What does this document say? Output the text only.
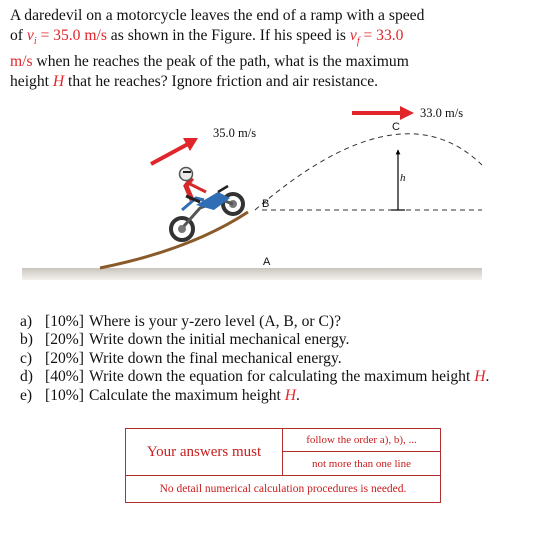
A daredevil on a motorcycle leaves the end of a ramp with a speed
of $v_i = 35.0$ m/s as shown in the Figure. If his speed is $v_f = 33.0$
m/s when he reaches the peak of the path, what is the maximum
height H that he reaches? Ignore friction and air resistance.
35.0 m/s
33.0 m/s
B
A
C
h
a) [10%] Where is your y-zero level (A, B, or C)?
b) [20%] Write down the initial mechanical energy.
c) [20%] Write down the final mechanical energy.
d) [40%] Write down the equation for calculating the maximum height H.
e) [10%] Calculate the maximum height H.
Your answers must
follow the order a), b), ...
not more than one line
No detail numerical calculation procedures is needed.
